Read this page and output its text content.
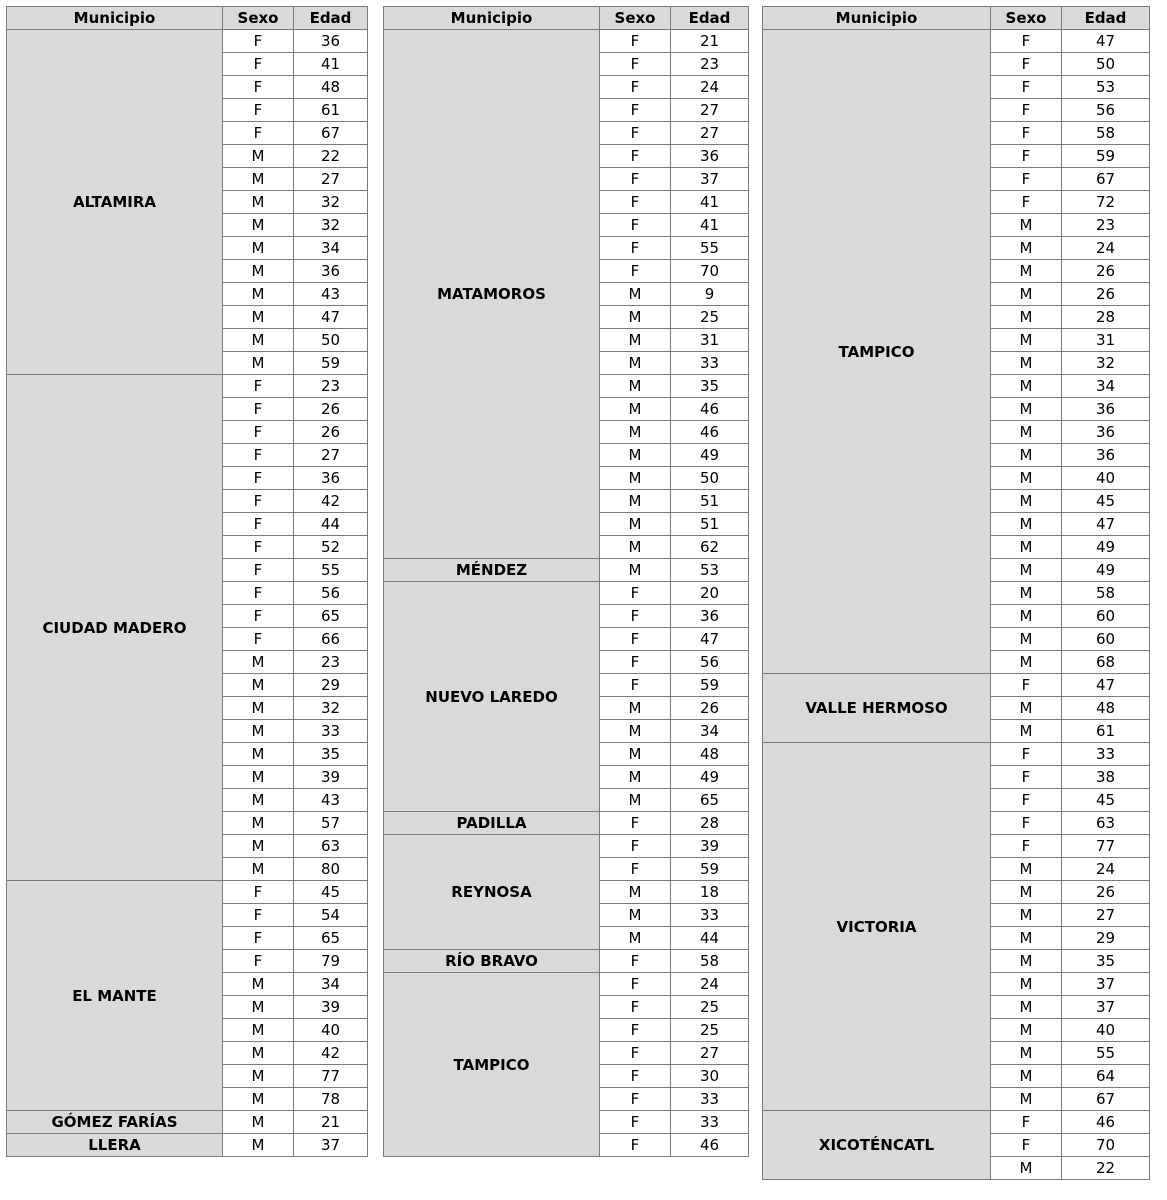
Municipio	Sexo	Edad
ALTAMIRA	F	36
	F	41
	F	48
	F	61
	F	67
	M	22
	M	27
	M	32
	M	32
	M	34
	M	36
	M	43
	M	47
	M	50
	M	59
CIUDAD MADERO	F	23
	F	26
	F	26
	F	27
	F	36
	F	42
	F	44
	F	52
	F	55
	F	56
	F	65
	F	66
	M	23
	M	29
	M	32
	M	33
	M	35
	M	39
	M	43
	M	57
	M	63
	M	80
EL MANTE	F	45
	F	54
	F	65
	F	79
	M	34
	M	39
	M	40
	M	42
	M	77
	M	78
GÓMEZ FARÍAS	M	21
LLERA	M	37
Municipio	Sexo	Edad
MATAMOROS	F	21
	F	23
	F	24
	F	27
	F	27
	F	36
	F	37
	F	41
	F	41
	F	55
	F	70
	M	9
	M	25
	M	31
	M	33
	M	35
	M	46
	M	46
	M	49
	M	50
	M	51
	M	51
	M	62
MÉNDEZ	M	53
NUEVO LAREDO	F	20
	F	36
	F	47
	F	56
	F	59
	M	26
	M	34
	M	48
	M	49
	M	65
PADILLA	F	28
REYNOSA	F	39
	F	59
	M	18
	M	33
	M	44
RÍO BRAVO	F	58
TAMPICO	F	24
	F	25
	F	25
	F	27
	F	30
	F	33
	F	33
	F	46
Municipio	Sexo	Edad
TAMPICO	F	47
	F	50
	F	53
	F	56
	F	58
	F	59
	F	67
	F	72
	M	23
	M	24
	M	26
	M	26
	M	28
	M	31
	M	32
	M	34
	M	36
	M	36
	M	36
	M	40
	M	45
	M	47
	M	49
	M	49
	M	58
	M	60
	M	60
	M	68
VALLE HERMOSO	F	47
	M	48
	M	61
VICTORIA	F	33
	F	38
	F	45
	F	63
	F	77
	M	24
	M	26
	M	27
	M	29
	M	35
	M	37
	M	37
	M	40
	M	55
	M	64
	M	67
XICOTÉNCATL	F	46
	F	70
	M	22
